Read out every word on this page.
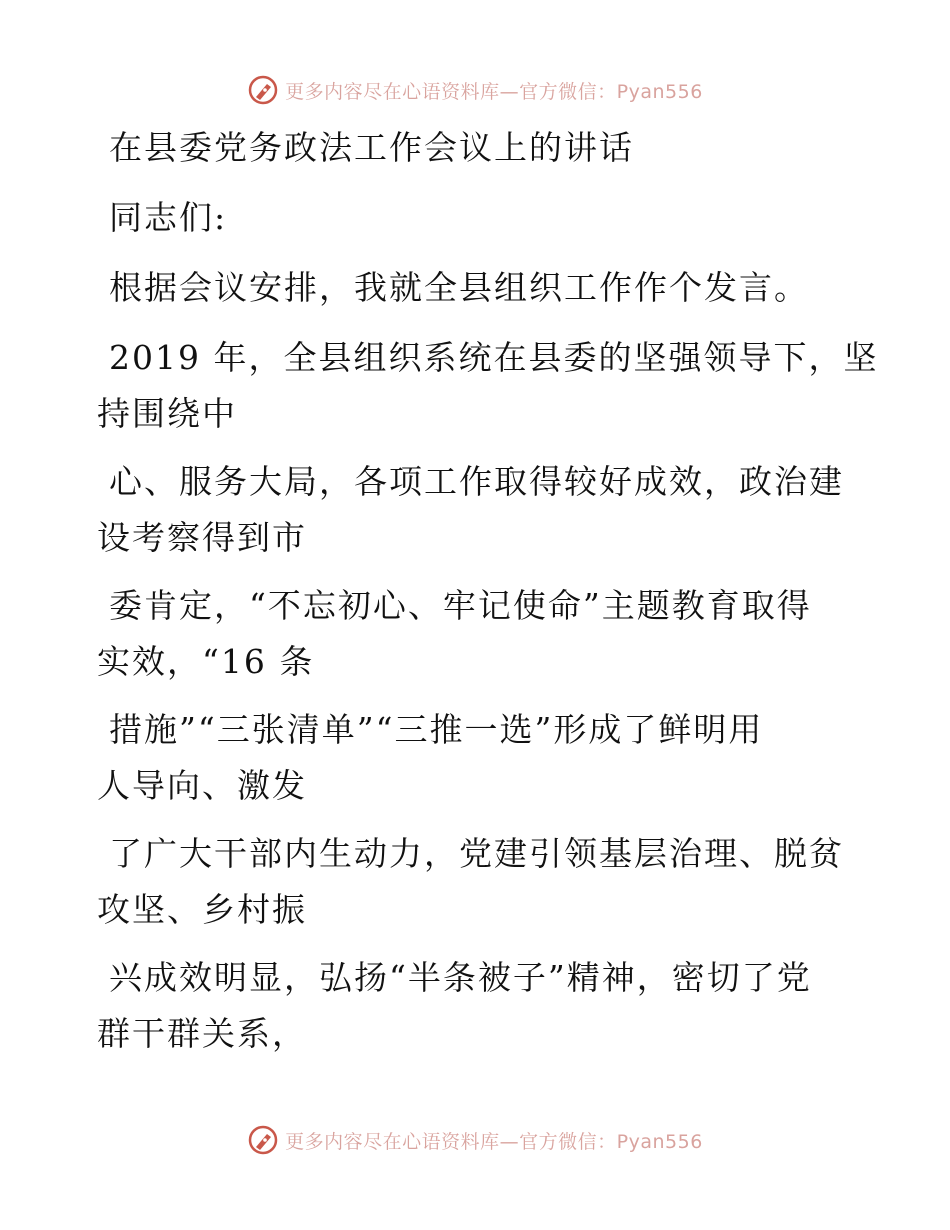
更多内容尽在心语资料库—官方微信：Pyan556
在县委党务政法工作会议上的讲话
同志们:
根据会议安排，我就全县组织工作作个发言。
2019 年，全县组织系统在县委的坚强领导下，坚
持围绕中
心、服务大局，各项工作取得较好成效，政治建
设考察得到市
委肯定，“不忘初心、牢记使命”主题教育取得
实效，“16 条
措施”“三张清单”“三推一选”形成了鲜明用
人导向、激发
了广大干部内生动力，党建引领基层治理、脱贫
攻坚、乡村振
兴成效明显，弘扬“半条被子”精神，密切了党
群干群关系，
更多内容尽在心语资料库—官方微信：Pyan556
